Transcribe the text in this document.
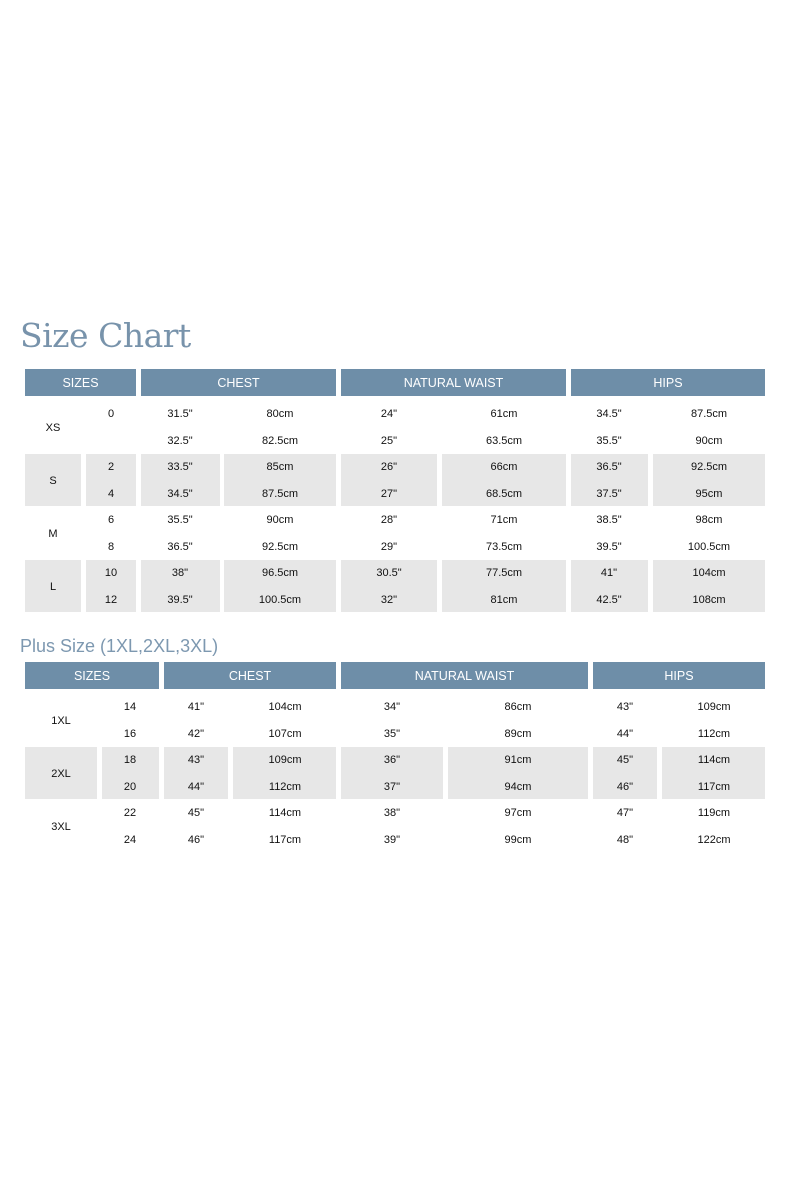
Size Chart
SIZES	CHEST	NATURAL WAIST	HIPS
XS
0	31.5"	80cm	24"	61cm	34.5"	87.5cm
32.5"	82.5cm	25"	63.5cm	35.5"	90cm
S
2	33.5"	85cm	26"	66cm	36.5"	92.5cm
4	34.5"	87.5cm	27"	68.5cm	37.5"	95cm
M
6	35.5"	90cm	28"	71cm	38.5"	98cm
8	36.5"	92.5cm	29"	73.5cm	39.5"	100.5cm
L
10	38"	96.5cm	30.5"	77.5cm	41"	104cm
12	39.5"	100.5cm	32"	81cm	42.5"	108cm
Plus Size (1XL,2XL,3XL)
SIZES	CHEST	NATURAL WAIST	HIPS
1XL
14	41"	104cm	34"	86cm	43"	109cm
16	42"	107cm	35"	89cm	44"	112cm
2XL
18	43"	109cm	36"	91cm	45"	114cm
20	44"	112cm	37"	94cm	46"	117cm
3XL
22	45"	114cm	38"	97cm	47"	119cm
24	46"	117cm	39"	99cm	48"	122cm
